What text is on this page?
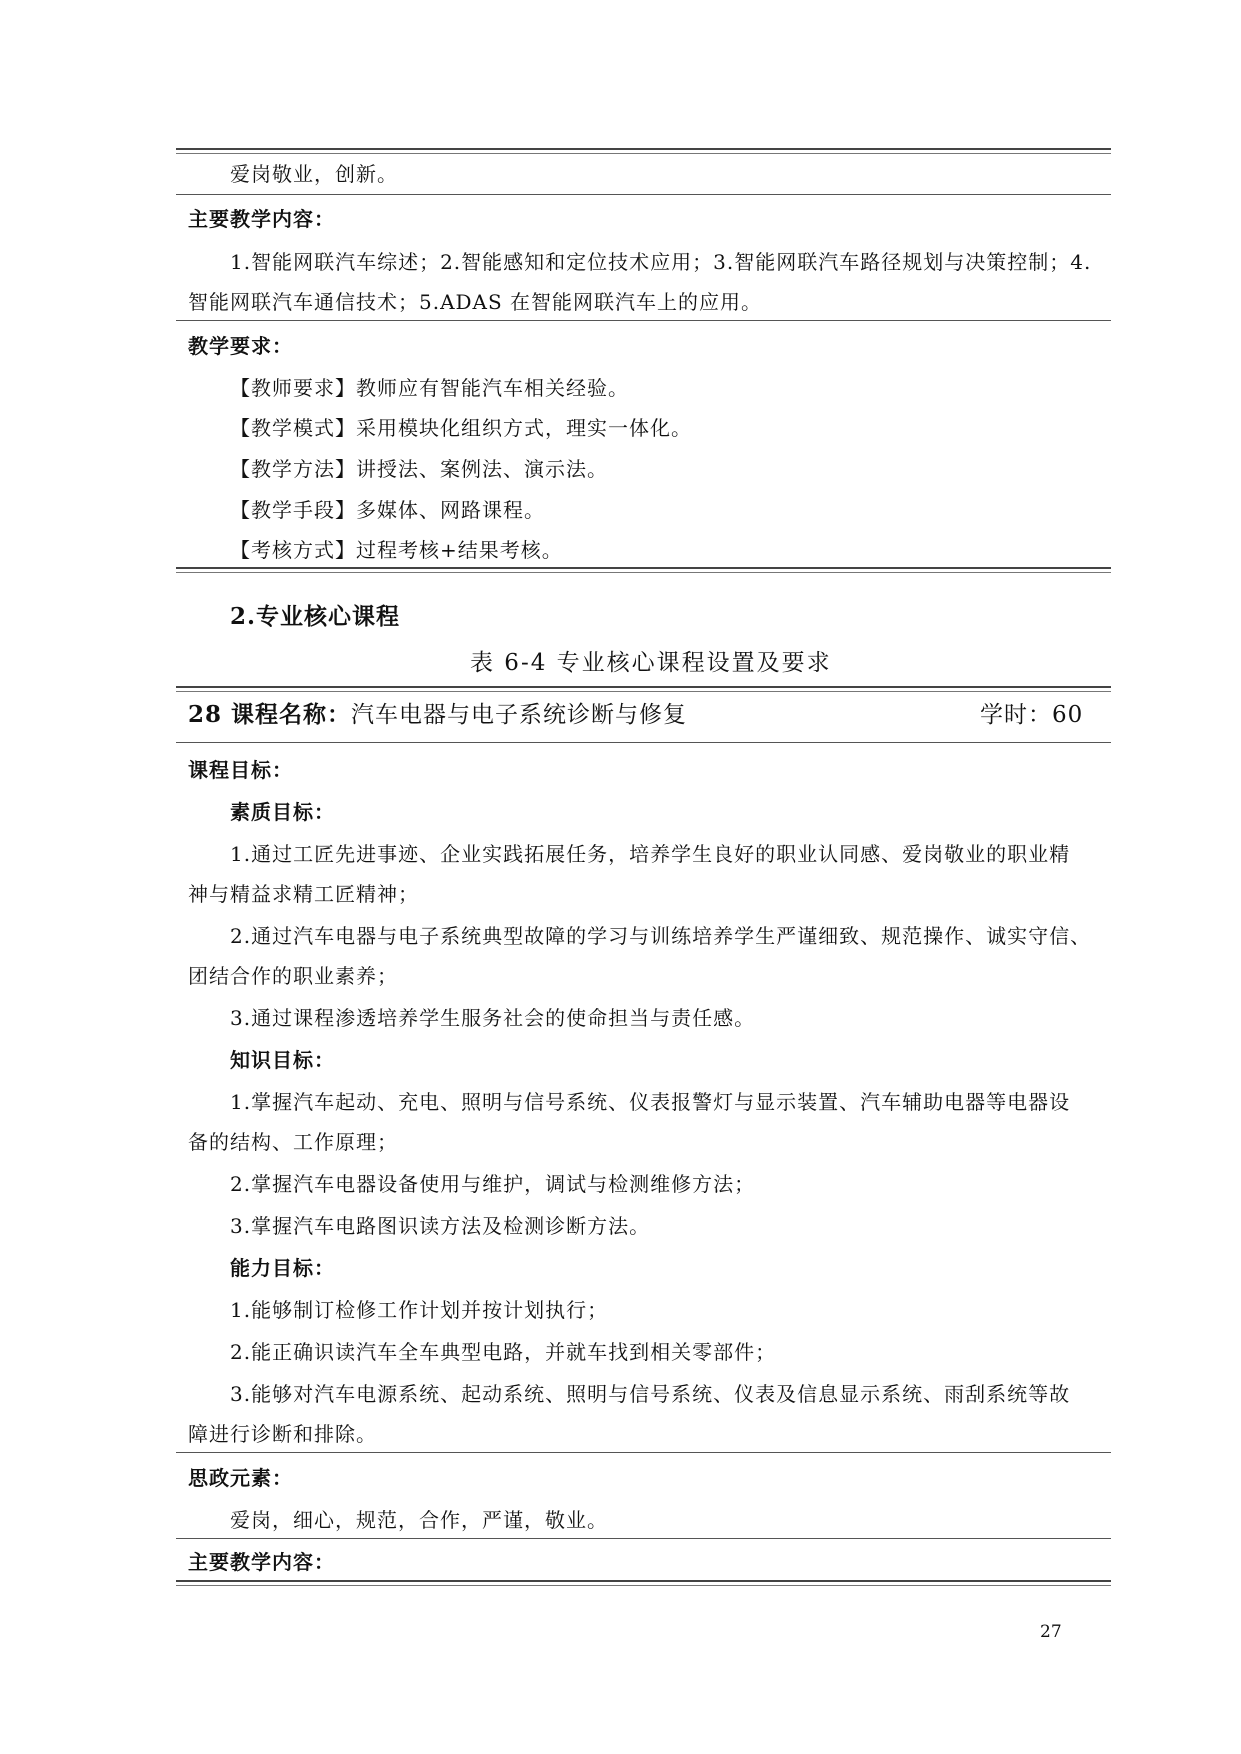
爱岗敬业，创新。
主要教学内容：
1.智能网联汽车综述；2.智能感知和定位技术应用；3.智能网联汽车路径规划与决策控制；4.
智能网联汽车通信技术；5.ADAS 在智能网联汽车上的应用。
教学要求：
【教师要求】教师应有智能汽车相关经验。
【教学模式】采用模块化组织方式，理实一体化。
【教学方法】讲授法、案例法、演示法。
【教学手段】多媒体、网路课程。
【考核方式】过程考核+结果考核。
2.专业核心课程
表 6-4 专业核心课程设置及要求
28 课程名称：汽车电器与电子系统诊断与修复	学时：60
课程目标：
素质目标：
1.通过工匠先进事迹、企业实践拓展任务，培养学生良好的职业认同感、爱岗敬业的职业精
神与精益求精工匠精神；
2.通过汽车电器与电子系统典型故障的学习与训练培养学生严谨细致、规范操作、诚实守信、
团结合作的职业素养；
3.通过课程渗透培养学生服务社会的使命担当与责任感。
知识目标：
1.掌握汽车起动、充电、照明与信号系统、仪表报警灯与显示装置、汽车辅助电器等电器设
备的结构、工作原理；
2.掌握汽车电器设备使用与维护，调试与检测维修方法；
3.掌握汽车电路图识读方法及检测诊断方法。
能力目标：
1.能够制订检修工作计划并按计划执行；
2.能正确识读汽车全车典型电路，并就车找到相关零部件；
3.能够对汽车电源系统、起动系统、照明与信号系统、仪表及信息显示系统、雨刮系统等故
障进行诊断和排除。
思政元素：
爱岗，细心，规范，合作，严谨，敬业。
主要教学内容：
27
